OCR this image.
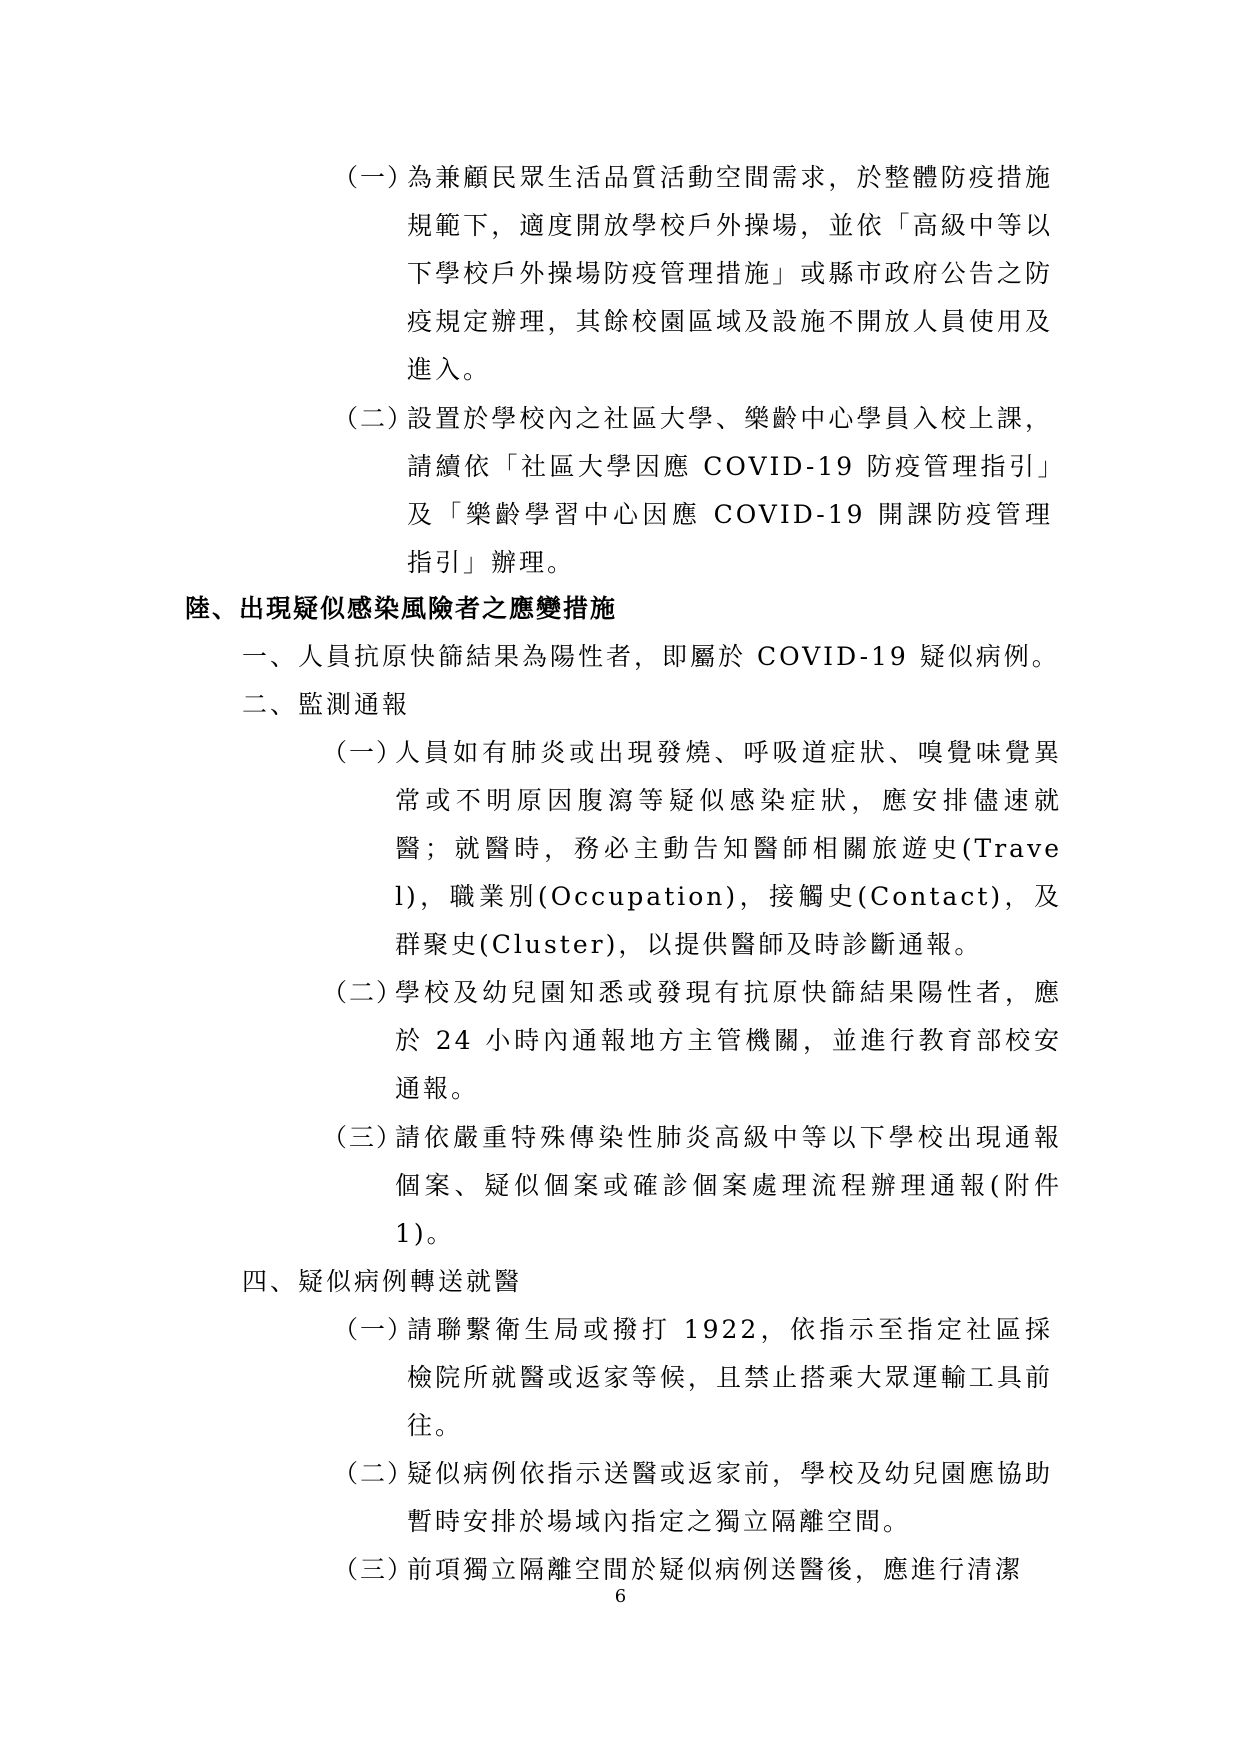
（一）

為兼顧民眾生活品質活動空間需求，於整體防疫措施規範下，適度開放學校戶外操場，並依「高級中等以下學校戶外操場防疫管理措施」或縣市政府公告之防疫規定辦理，其餘校園區域及設施不開放人員使用及進入。

（二）

設置於學校內之社區大學、樂齡中心學員入校上課，請續依「社區大學因應 COVID-19 防疫管理指引」及「樂齡學習中心因應 COVID-19 開課防疫管理指引」辦理。

陸、出現疑似感染風險者之應變措施
一、人員抗原快篩結果為陽性者，即屬於 COVID-19 疑似病例。
二、監測通報
（一）

人員如有肺炎或出現發燒、呼吸道症狀、嗅覺味覺異常或不明原因腹瀉等疑似感染症狀，應安排儘速就醫；就醫時，務必主動告知醫師相關旅遊史(Travel)，職業別(Occupation)，接觸史(Contact)，及群聚史(Cluster)，以提供醫師及時診斷通報。

（二）

學校及幼兒園知悉或發現有抗原快篩結果陽性者，應於 24 小時內通報地方主管機關，並進行教育部校安通報。

（三）

請依嚴重特殊傳染性肺炎高級中等以下學校出現通報個案、疑似個案或確診個案處理流程辦理通報(附件 1)。

四、疑似病例轉送就醫
（一）

請聯繫衛生局或撥打 1922，依指示至指定社區採檢院所就醫或返家等候，且禁止搭乘大眾運輸工具前往。

（二）

疑似病例依指示送醫或返家前，學校及幼兒園應協助暫時安排於場域內指定之獨立隔離空間。

（三）

前項獨立隔離空間於疑似病例送醫後，應進行清潔

6
